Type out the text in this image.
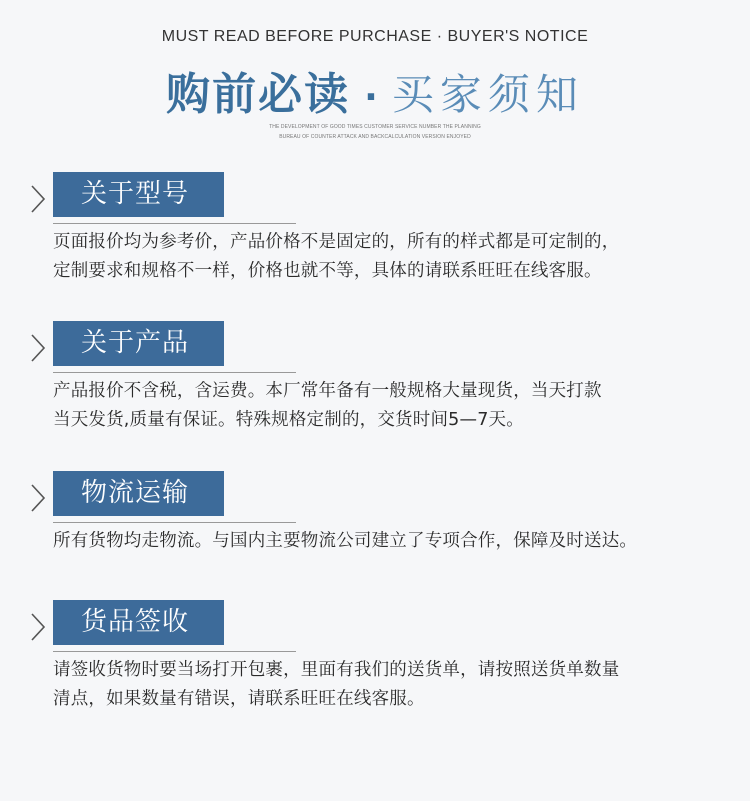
MUST READ BEFORE PURCHASE · BUYER'S NOTICE
购前必读 · 买家须知
THE DEVELOPMENT OF GOOD TIMES CUSTOMER SERVICE NUMBER THE PLANNING
BUREAU OF COUNTER ATTACK AND BACKCALCULATION VERSION ENJOYED
关于型号
页面报价均为参考价，产品价格不是固定的，所有的样式都是可定制的，
定制要求和规格不一样，价格也就不等，具体的请联系旺旺在线客服。
关于产品
产品报价不含税，含运费。本厂常年备有一般规格大量现货，当天打款
当天发货,质量有保证。特殊规格定制的，交货时间5—7天。
物流运输
所有货物均走物流。与国内主要物流公司建立了专项合作，保障及时送达。
货品签收
请签收货物时要当场打开包裹，里面有我们的送货单，请按照送货单数量
清点，如果数量有错误，请联系旺旺在线客服。
